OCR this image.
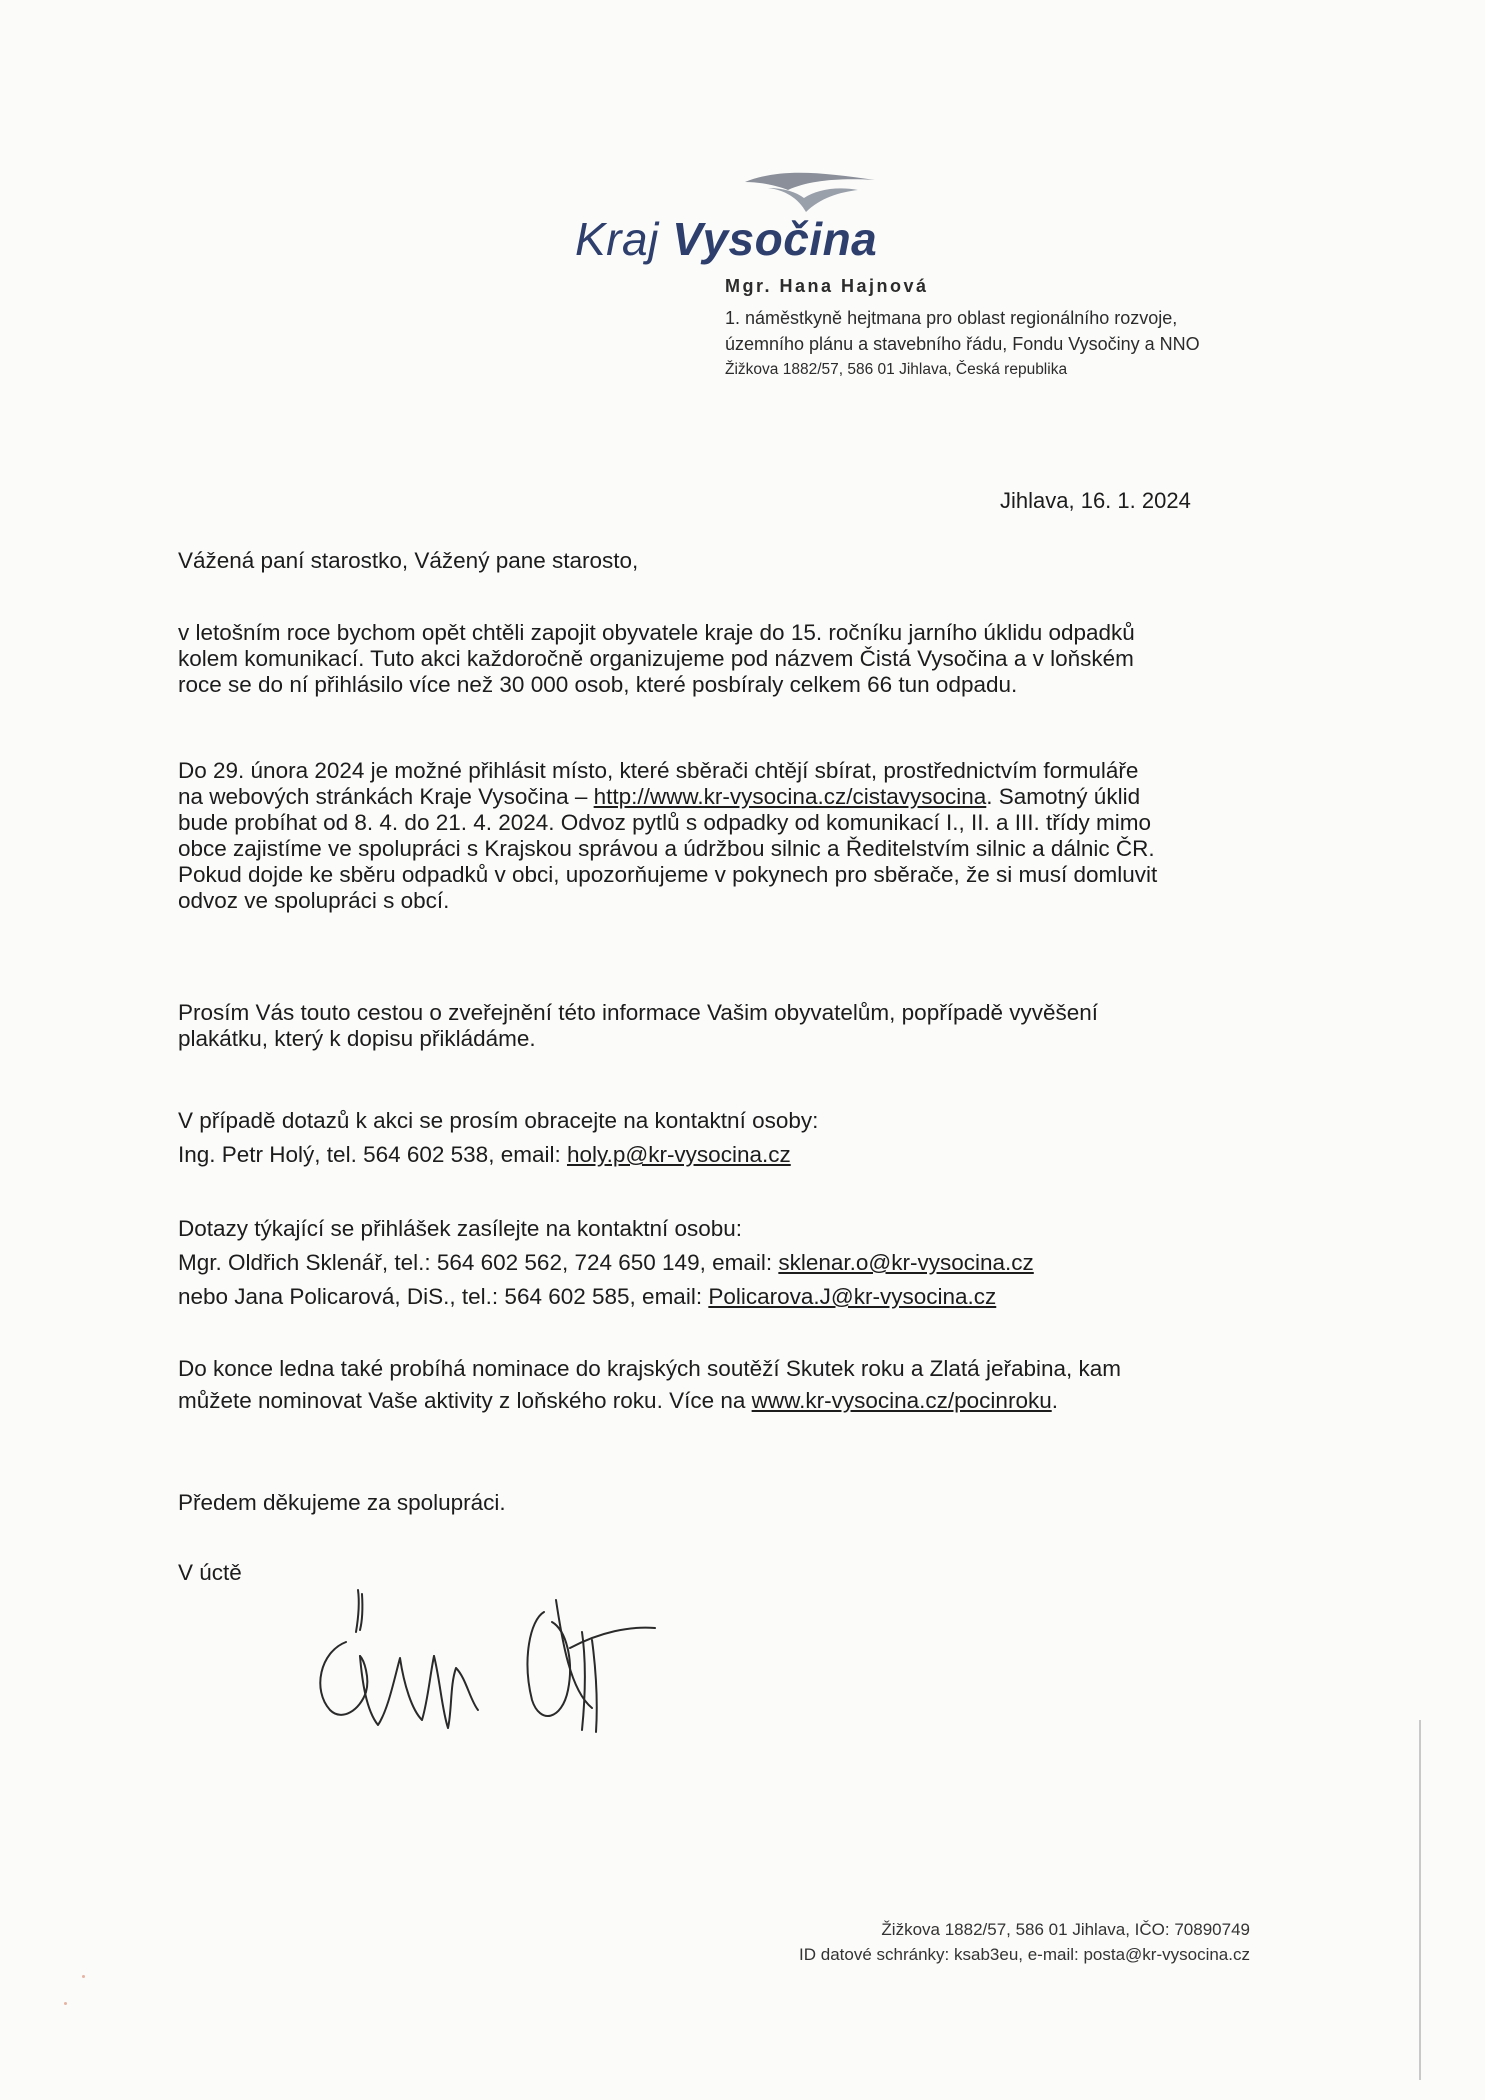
Kraj Vysočina
Mgr. Hana Hajnová
1. náměstkyně hejtmana pro oblast regionálního rozvoje,
územního plánu a stavebního řádu, Fondu Vysočiny a NNO
Žižkova 1882/57, 586 01 Jihlava, Česká republika
Jihlava, 16. 1. 2024
Vážená paní starostko, Vážený pane starosto,
v letošním roce bychom opět chtěli zapojit obyvatele kraje do 15. ročníku jarního úklidu odpadků
kolem komunikací. Tuto akci každoročně organizujeme pod názvem Čistá Vysočina a v loňském
roce se do ní přihlásilo více než 30 000 osob, které posbíraly celkem 66 tun odpadu.
Do 29. února 2024 je možné přihlásit místo, které sběrači chtějí sbírat, prostřednictvím formuláře
na webových stránkách Kraje Vysočina – http://www.kr-vysocina.cz/cistavysocina. Samotný úklid
bude probíhat od 8. 4. do 21. 4. 2024. Odvoz pytlů s odpadky od komunikací I., II. a III. třídy mimo
obce zajistíme ve spolupráci s Krajskou správou a údržbou silnic a Ředitelstvím silnic a dálnic ČR.
Pokud dojde ke sběru odpadků v obci, upozorňujeme v pokynech pro sběrače, že si musí domluvit
odvoz ve spolupráci s obcí.
Prosím Vás touto cestou o zveřejnění této informace Vašim obyvatelům, popřípadě vyvěšení
plakátku, který k dopisu přikládáme.
V případě dotazů k akci se prosím obracejte na kontaktní osoby:
Ing. Petr Holý, tel. 564 602 538, email: holy.p@kr-vysocina.cz
Dotazy týkající se přihlášek zasílejte na kontaktní osobu:
Mgr. Oldřich Sklenář, tel.: 564 602 562, 724 650 149, email: sklenar.o@kr-vysocina.cz
nebo Jana Policarová, DiS., tel.: 564 602 585, email: Policarova.J@kr-vysocina.cz
Do konce ledna také probíhá nominace do krajských soutěží Skutek roku a Zlatá jeřabina, kam
můžete nominovat Vaše aktivity z loňského roku. Více na www.kr-vysocina.cz/pocinroku.
Předem děkujeme za spolupráci.
V úctě
Žižkova 1882/57, 586 01 Jihlava, IČO: 70890749
ID datové schránky: ksab3eu, e-mail: posta@kr-vysocina.cz
